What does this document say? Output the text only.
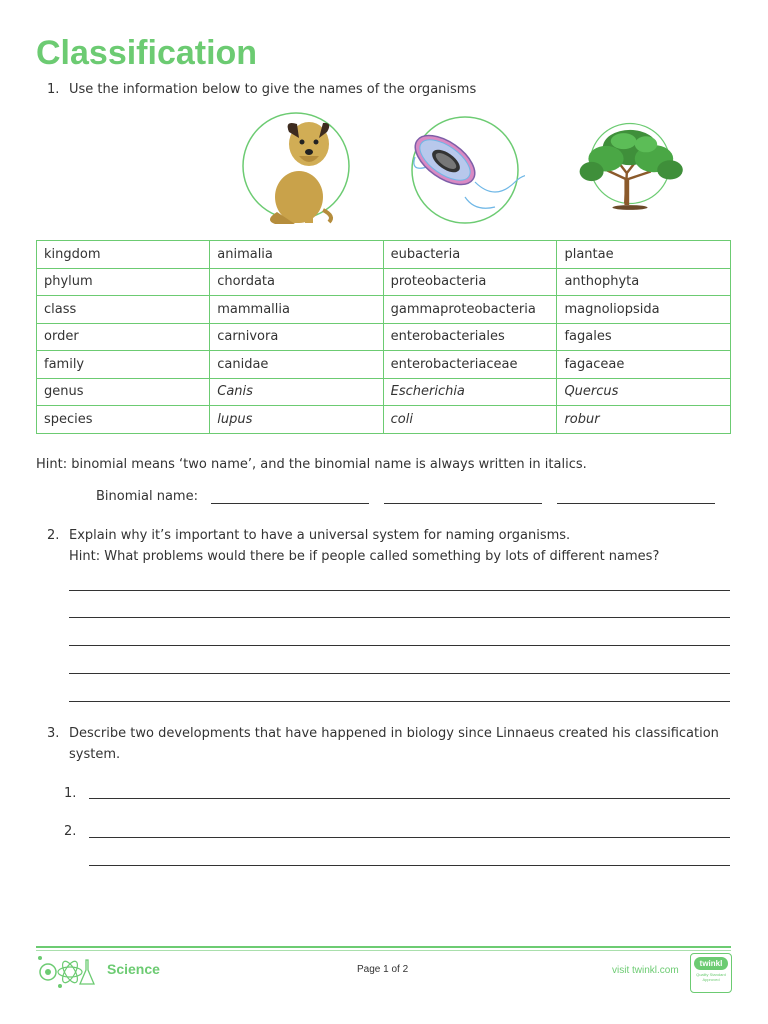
Classification
1. Use the information below to give the names of the organisms
kingdom	animalia	eubacteria	plantae
phylum	chordata	proteobacteria	anthophyta
class	mammallia	gammaproteobacteria	magnoliopsida
order	carnivora	enterobacteriales	fagales
family	canidae	enterobacteriaceae	fagaceae
genus	Canis	Escherichia	Quercus
species	lupus	coli	robur
Hint: binomial means ‘two name’, and the binomial name is always written in italics.
Binomial name:
2. Explain why it’s important to have a universal system for naming organisms.
Hint: What problems would there be if people called something by lots of different names?
3. Describe two developments that have happened in biology since Linnaeus created his classification
system.
1.
2.
Science	Page 1 of 2	visit twinkl.com
twinkl
Quality Standard Approved
